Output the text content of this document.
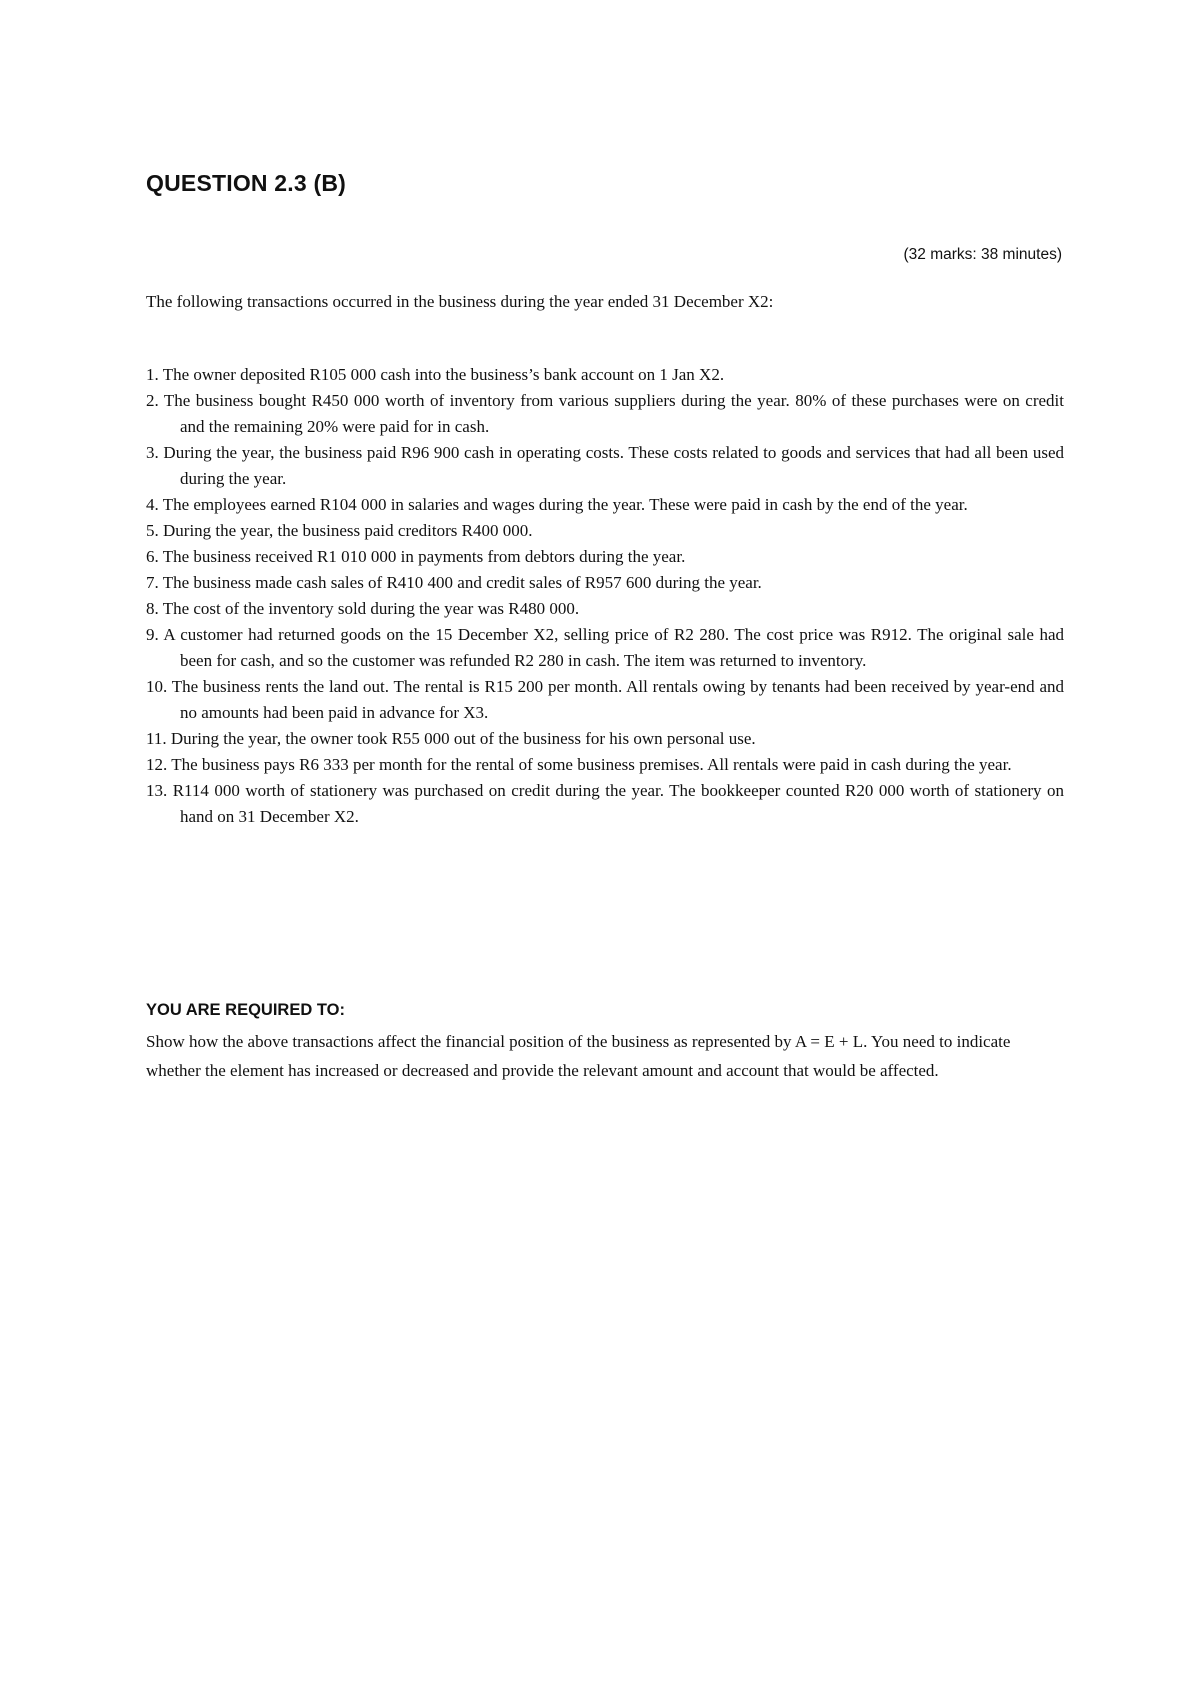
QUESTION 2.3 (B)

(32 marks: 38 minutes)

The following transactions occurred in the business during the year ended 31 December X2:

1. The owner deposited R105 000 cash into the business’s bank account on 1 Jan X2.
2. The business bought R450 000 worth of inventory from various suppliers during the year. 80% of these purchases were on credit and the remaining 20% were paid for in cash.
3. During the year, the business paid R96 900 cash in operating costs. These costs related to goods and services that had all been used during the year.
4. The employees earned R104 000 in salaries and wages during the year. These were paid in cash by the end of the year.
5. During the year, the business paid creditors R400 000.
6. The business received R1 010 000 in payments from debtors during the year.
7. The business made cash sales of R410 400 and credit sales of R957 600 during the year.
8. The cost of the inventory sold during the year was R480 000.
9. A customer had returned goods on the 15 December X2, selling price of R2 280. The cost price was R912. The original sale had been for cash, and so the customer was refunded R2 280 in cash. The item was returned to inventory.
10. The business rents the land out. The rental is R15 200 per month. All rentals owing by tenants had been received by year-end and no amounts had been paid in advance for X3.
11. During the year, the owner took R55 000 out of the business for his own personal use.
12. The business pays R6 333 per month for the rental of some business premises. All rentals were paid in cash during the year.
13. R114 000 worth of stationery was purchased on credit during the year. The bookkeeper counted R20 000 worth of stationery on hand on 31 December X2.

YOU ARE REQUIRED TO:

Show how the above transactions affect the financial position of the business as represented by A = E + L. You need to indicate whether the element has increased or decreased and provide the relevant amount and account that would be affected.
